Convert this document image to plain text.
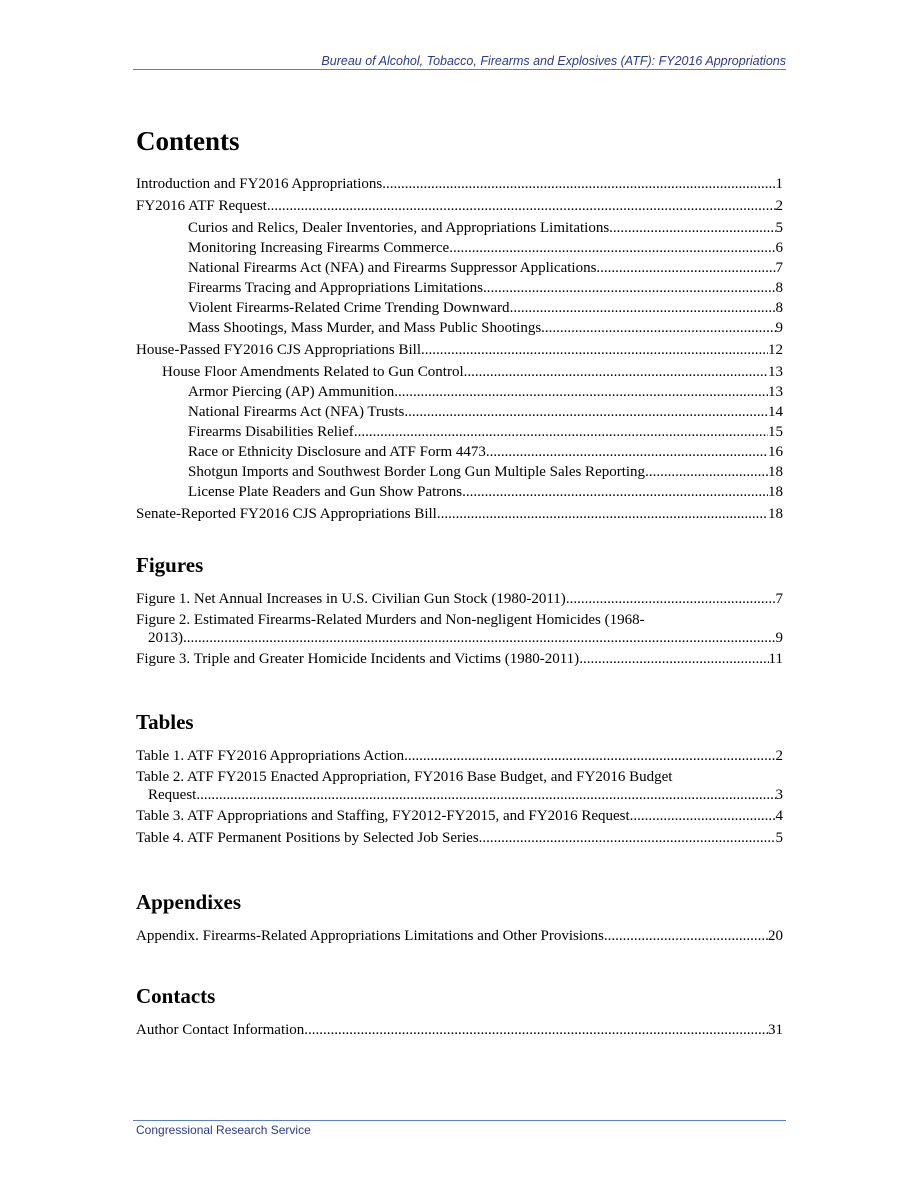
Bureau of Alcohol, Tobacco, Firearms and Explosives (ATF): FY2016 Appropriations
Contents
Introduction and FY2016 Appropriations .....	1
FY2016 ATF Request .....	2
Curios and Relics, Dealer Inventories, and Appropriations Limitations .....	5
Monitoring Increasing Firearms Commerce .....	6
National Firearms Act (NFA) and Firearms Suppressor Applications .....	7
Firearms Tracing and Appropriations Limitations .....	8
Violent Firearms-Related Crime Trending Downward .....	8
Mass Shootings, Mass Murder, and Mass Public Shootings .....	9
House-Passed FY2016 CJS Appropriations Bill .....	12
House Floor Amendments Related to Gun Control .....	13
Armor Piercing (AP) Ammunition .....	13
National Firearms Act (NFA) Trusts .....	14
Firearms Disabilities Relief .....	15
Race or Ethnicity Disclosure and ATF Form 4473 .....	16
Shotgun Imports and Southwest Border Long Gun Multiple Sales Reporting .....	18
License Plate Readers and Gun Show Patrons .....	18
Senate-Reported FY2016 CJS Appropriations Bill .....	18
Figures
Figure 1. Net Annual Increases in U.S. Civilian Gun Stock (1980-2011) .....	7
Figure 2. Estimated Firearms-Related Murders and Non-negligent Homicides (1968-
2013) .....	9
Figure 3. Triple and Greater Homicide Incidents and Victims (1980-2011) .....	11
Tables
Table 1. ATF FY2016 Appropriations Action .....	2
Table 2. ATF FY2015 Enacted Appropriation, FY2016 Base Budget, and FY2016 Budget
Request .....	3
Table 3. ATF Appropriations and Staffing, FY2012-FY2015, and FY2016 Request .....	4
Table 4. ATF Permanent Positions by Selected Job Series .....	5
Appendixes
Appendix. Firearms-Related Appropriations Limitations and Other Provisions .....	20
Contacts
Author Contact Information .....	31
Congressional Research Service
